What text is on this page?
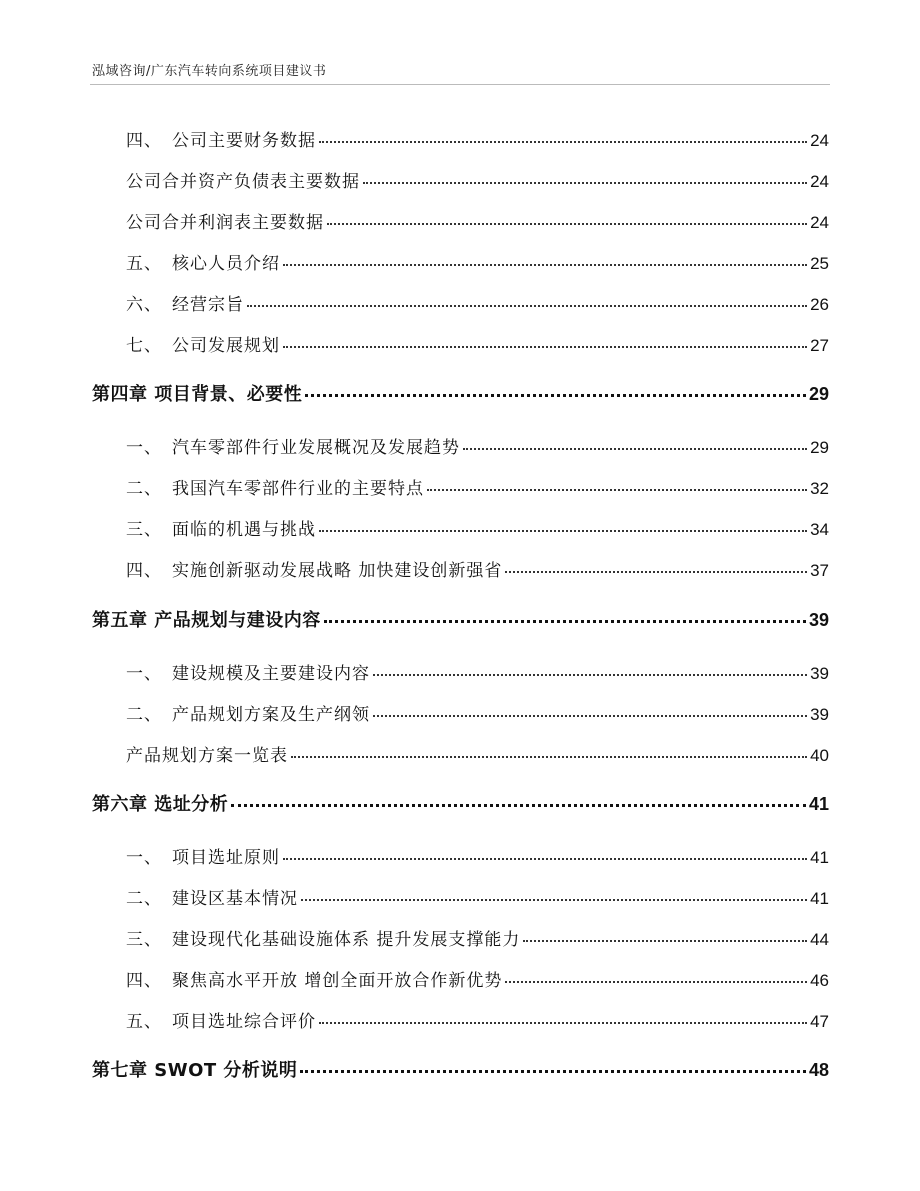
泓域咨询/广东汽车转向系统项目建议书
四、 公司主要财务数据	24
公司合并资产负债表主要数据	24
公司合并利润表主要数据	24
五、 核心人员介绍	25
六、 经营宗旨	26
七、 公司发展规划	27
第四章 项目背景、必要性	29
一、 汽车零部件行业发展概况及发展趋势	29
二、 我国汽车零部件行业的主要特点	32
三、 面临的机遇与挑战	34
四、 实施创新驱动发展战略 加快建设创新强省	37
第五章 产品规划与建设内容	39
一、 建设规模及主要建设内容	39
二、 产品规划方案及生产纲领	39
产品规划方案一览表	40
第六章 选址分析	41
一、 项目选址原则	41
二、 建设区基本情况	41
三、 建设现代化基础设施体系 提升发展支撑能力	44
四、 聚焦高水平开放 增创全面开放合作新优势	46
五、 项目选址综合评价	47
第七章 SWOT 分析说明	48
